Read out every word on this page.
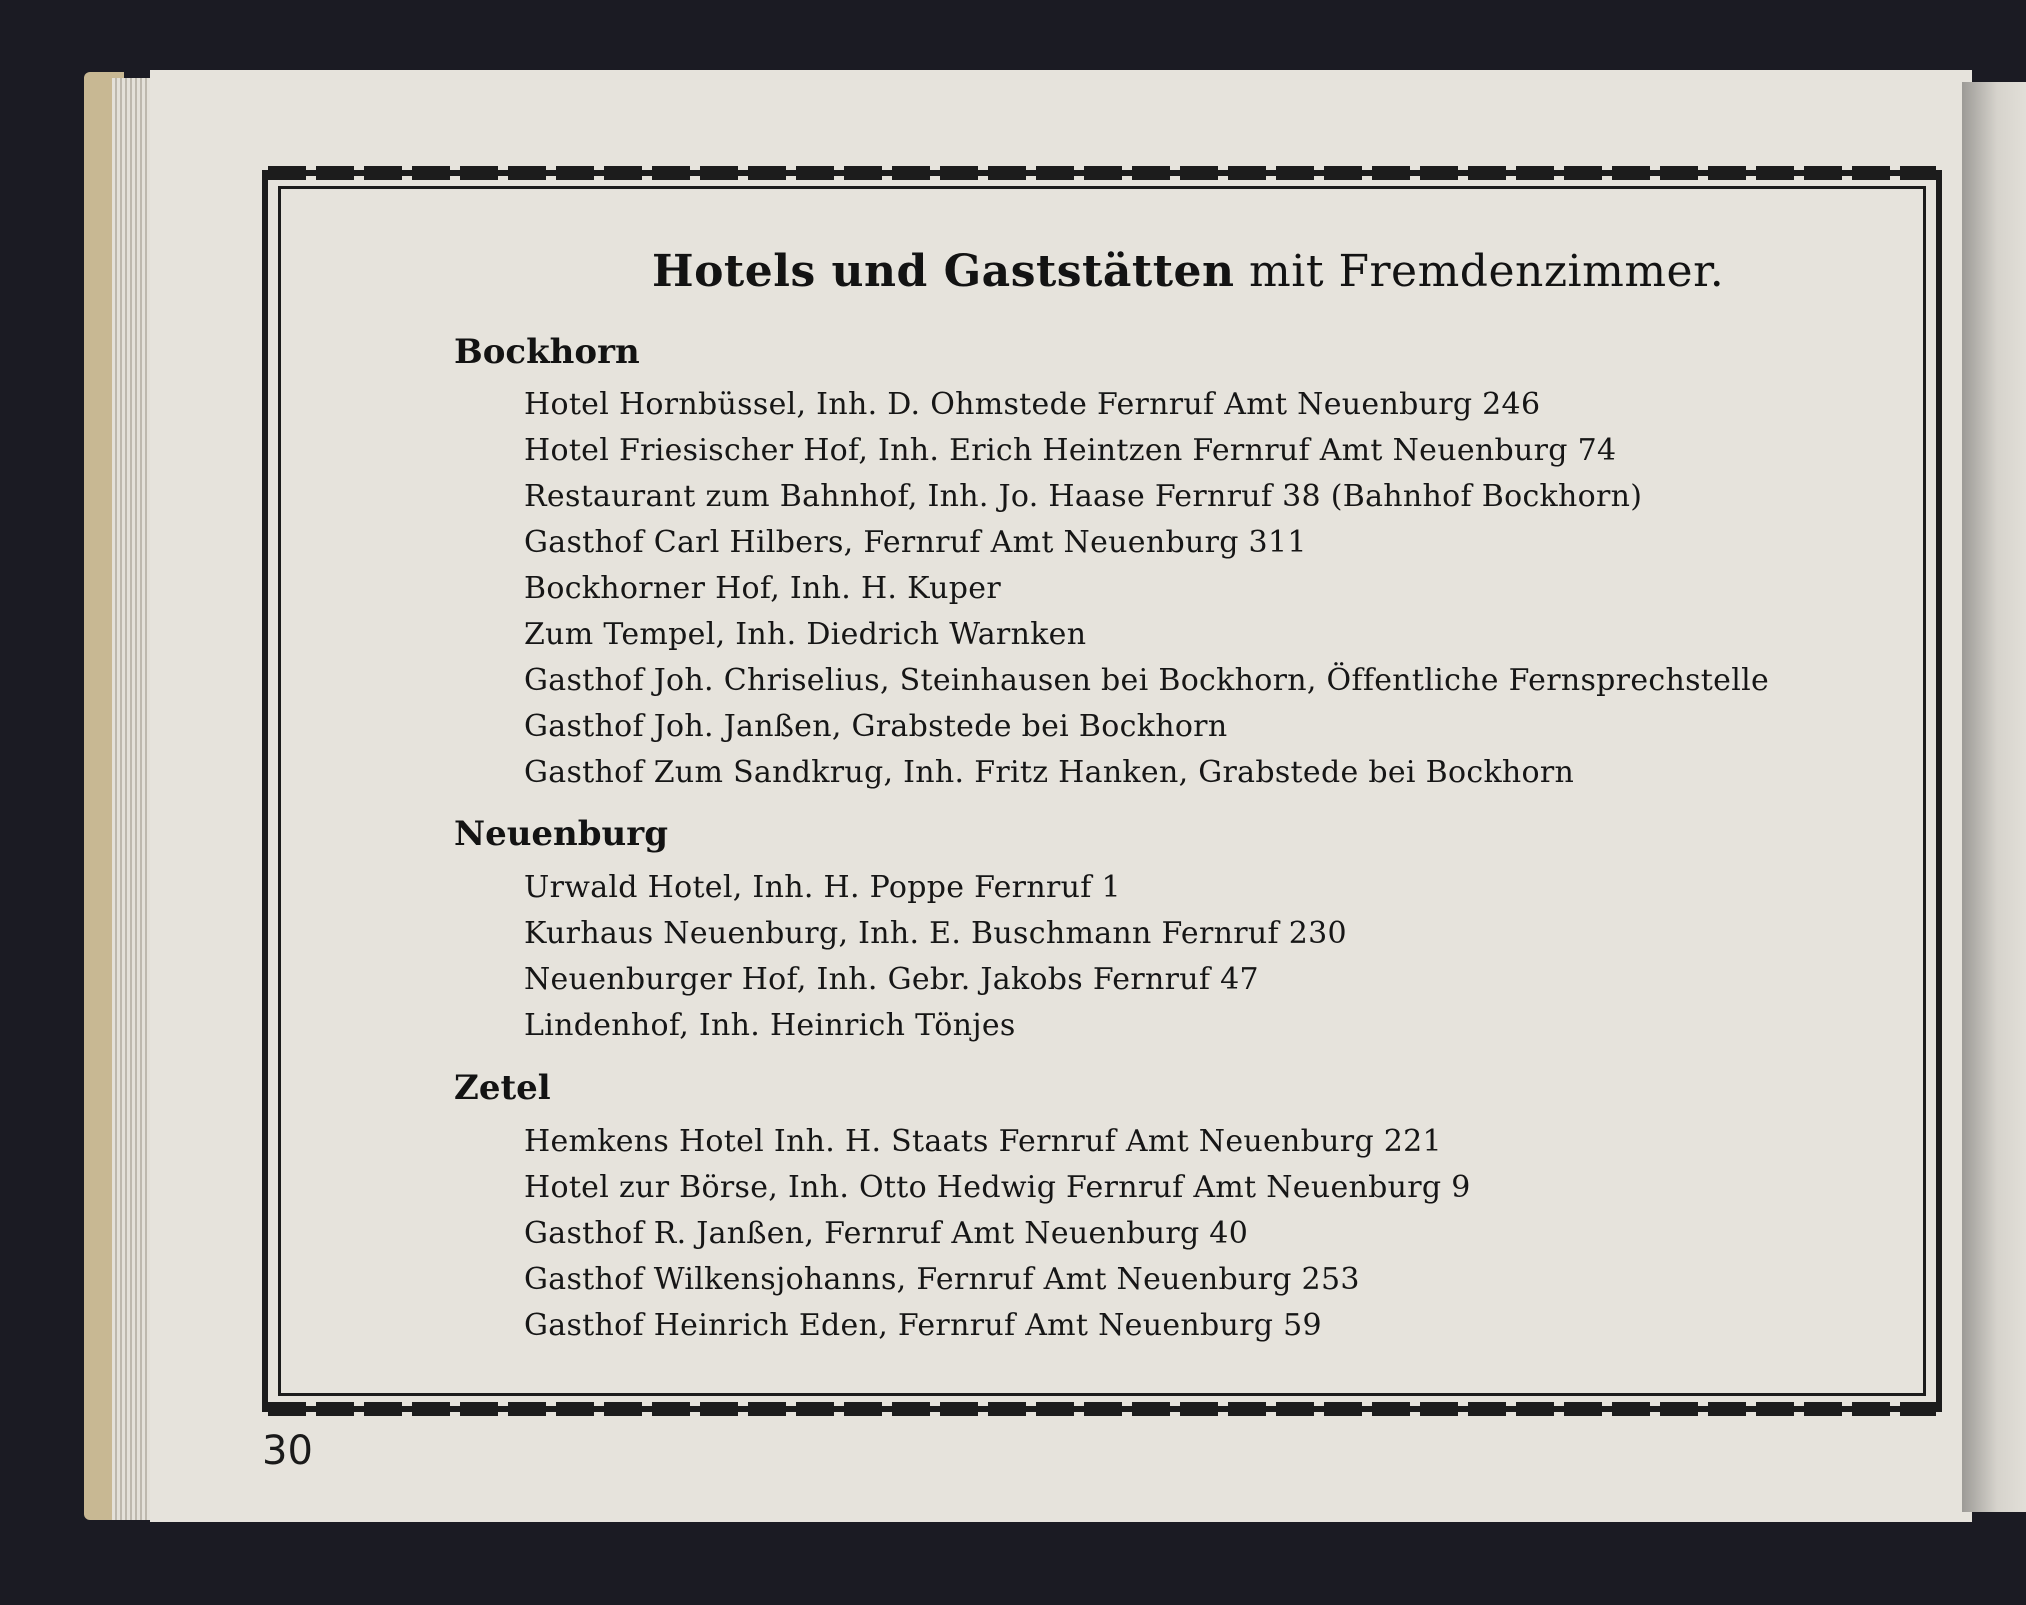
Hotels und Gaststätten mit Fremdenzimmer.
Bockhorn
Hotel Hornbüssel, Inh. D. Ohmstede Fernruf Amt Neuenburg 246
Hotel Friesischer Hof, Inh. Erich Heintzen Fernruf Amt Neuenburg 74
Restaurant zum Bahnhof, Inh. Jo. Haase Fernruf 38 (Bahnhof Bockhorn)
Gasthof Carl Hilbers, Fernruf Amt Neuenburg 311
Bockhorner Hof, Inh. H. Kuper
Zum Tempel, Inh. Diedrich Warnken
Gasthof Joh. Chriselius, Steinhausen bei Bockhorn, Öffentliche Fernsprechstelle
Gasthof Joh. Janßen, Grabstede bei Bockhorn
Gasthof Zum Sandkrug, Inh. Fritz Hanken, Grabstede bei Bockhorn
Neuenburg
Urwald Hotel, Inh. H. Poppe Fernruf 1
Kurhaus Neuenburg, Inh. E. Buschmann Fernruf 230
Neuenburger Hof, Inh. Gebr. Jakobs Fernruf 47
Lindenhof, Inh. Heinrich Tönjes
Zetel
Hemkens Hotel Inh. H. Staats Fernruf Amt Neuenburg 221
Hotel zur Börse, Inh. Otto Hedwig Fernruf Amt Neuenburg 9
Gasthof R. Janßen, Fernruf Amt Neuenburg 40
Gasthof Wilkensjohanns, Fernruf Amt Neuenburg 253
Gasthof Heinrich Eden, Fernruf Amt Neuenburg 59
30
